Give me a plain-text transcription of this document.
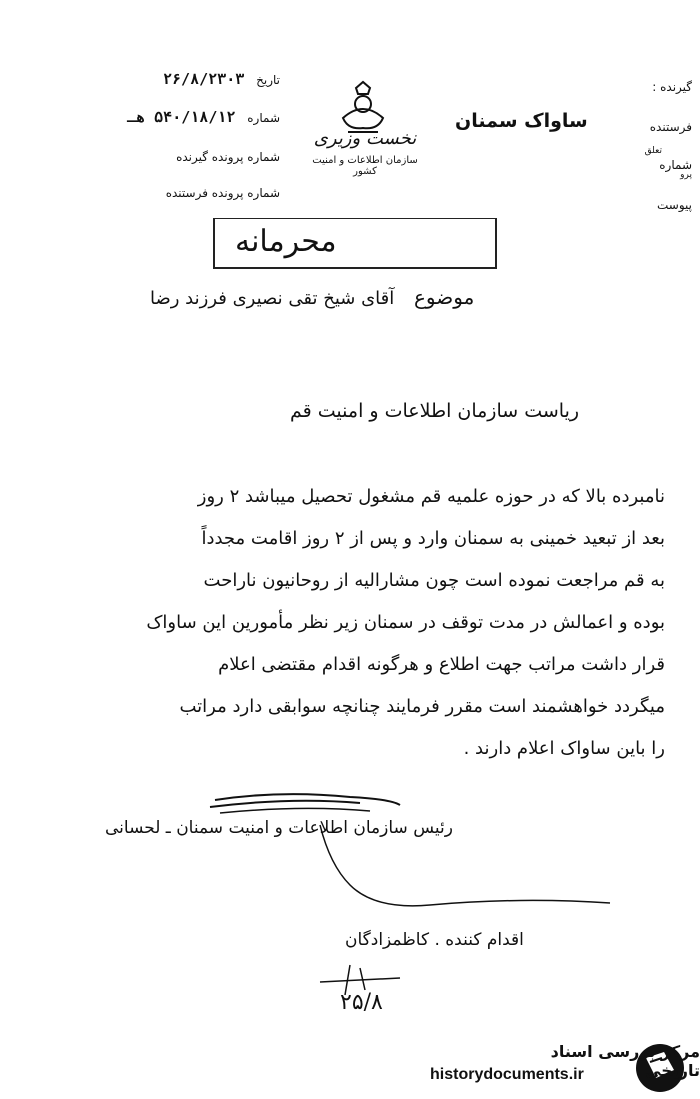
نخست وزیری
سازمان اطلاعات و امنیت کشور
تاریخ ۲۶/۸/۲۳۰۳
شماره ۵۴۰/۱۸/۱۲ هـ
شماره پرونده گیرنده
شماره پرونده فرستنده
ساواک سمنان
گیرنده :
فرستنده
تعلق
شماره
پرو
پیوست
محرمانه
موضوع آقای شیخ تقی نصیری فرزند رضا
ریاست سازمان اطلاعات و امنیت قم
نامبرده بالا که در حوزه علمیه قم مشغول تحصیل میباشد ۲ روز
بعد از تبعید خمینی به سمنان وارد و پس از ۲ روز اقامت مجدداً
به قم مراجعت نموده است چون مشارالیه از روحانیون ناراحت
بوده و اعمالش در مدت توقف در سمنان زیر نظر مأمورین این ساواک
قرار داشت مراتب جهت اطلاع و هرگونه اقدام مقتضی اعلام
میگردد خواهشمند است مقرر فرمایند چنانچه سوابقی دارد مراتب
را باین ساواک اعلام دارند .
رئیس سازمان اطلاعات و امنیت سمنان ـ لحسانی
اقدام کننده . کاظمزادگان
۲۵/۸
مرکز بررسی اسناد تاریخی
historydocuments.ir
